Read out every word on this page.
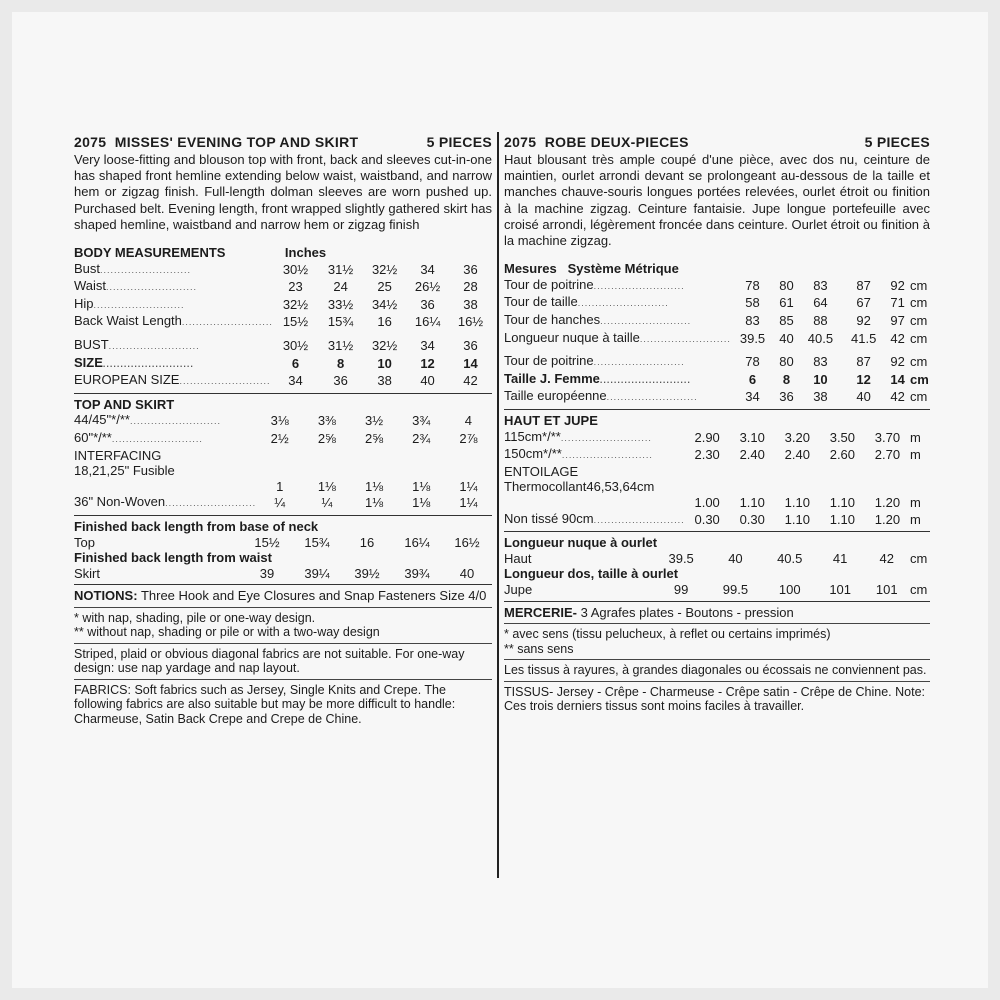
2075 MISSES' EVENING TOP AND SKIRT	5 PIECES
Very loose-fitting and blouson top with front, back and sleeves cut-in-one has shaped front hemline extending below waist, waistband, and narrow hem or zigzag finish. Full-length dolman sleeves are worn pushed up. Purchased belt. Evening length, front wrapped slightly gathered skirt has shaped hemline, waistband and narrow hem or zigzag finish
BODY MEASUREMENTS	Inches				
Bust..........................	30½	31½	32½	34	36
Waist..........................	23	24	25	26½	28
Hip..........................	32½	33½	34½	36	38
Back Waist Length..........................	15½	15¾	16	16¼	16½

BUST..........................	30½	31½	32½	34	36
SIZE..........................	6	8	10	12	14
EUROPEAN SIZE..........................	34	36	38	40	42
TOP AND SKIRT					
44/45"*/**..........................	3⅛	3⅜	3½	3¾	4
60"*/**..........................	2½	2⅝	2⅝	2¾	2⅞
INTERFACING					
18,21,25" Fusible					
	1	1⅛	1⅛	1⅛	1¼
36" Non-Woven..........................	¼	¼	1⅛	1⅛	1¼
Finished back length from base of neck					
Top	15½	15¾	16	16¼	16½
Finished back length from waist					
Skirt	39	39¼	39½	39¾	40
NOTIONS: Three Hook and Eye Closures and Snap Fasteners Size 4/0
* with nap, shading, pile or one-way design.
** without nap, shading or pile or with a two-way design
Striped, plaid or obvious diagonal fabrics are not suitable. For one-way design: use nap yardage and nap layout.
FABRICS: Soft fabrics such as Jersey, Single Knits and Crepe. The following fabrics are also suitable but may be more difficult to handle: Charmeuse, Satin Back Crepe and Crepe de Chine.
2075 ROBE DEUX-PIECES	5 PIECES
Haut blousant très ample coupé d'une pièce, avec dos nu, ceinture de maintien, ourlet arrondi devant se prolongeant au-dessous de la taille et manches chauve-souris longues portées relevées, ourlet étroit ou finition à la machine zigzag. Ceinture fantaisie. Jupe longue portefeuille avec croisé arrondi, légèrement froncée dans ceinture. Ourlet étroit ou finition à la machine zigzag.
Mesures Système Métrique						
Tour de poitrine..........................	78	80	83	87	92	cm
Tour de taille..........................	58	61	64	67	71	cm
Tour de hanches..........................	83	85	88	92	97	cm
Longueur nuque à taille..........................	39.5	40	40.5	41.5	42	cm

Tour de poitrine..........................	78	80	83	87	92	cm
Taille J. Femme..........................	6	8	10	12	14	cm
Taille européenne..........................	34	36	38	40	42	cm
HAUT ET JUPE						
115cm*/**..........................	2.90	3.10	3.20	3.50	3.70	m
150cm*/**..........................	2.30	2.40	2.40	2.60	2.70	m
ENTOILAGE						
Thermocollant46,53,64cm						
	1.00	1.10	1.10	1.10	1.20	m
Non tissé 90cm..........................	0.30	0.30	1.10	1.10	1.20	m
Longueur nuque à ourlet						
Haut	39.5	40	40.5	41	42	cm
Longueur dos, taille à ourlet						
Jupe	99	99.5	100	101	101	cm
MERCERIE- 3 Agrafes plates - Boutons - pression
* avec sens (tissu pelucheux, à reflet ou certains imprimés)
** sans sens
Les tissus à rayures, à grandes diagonales ou écossais ne conviennent pas.
TISSUS- Jersey - Crêpe - Charmeuse - Crêpe satin - Crêpe de Chine. Note: Ces trois derniers tissus sont moins faciles à travailler.
